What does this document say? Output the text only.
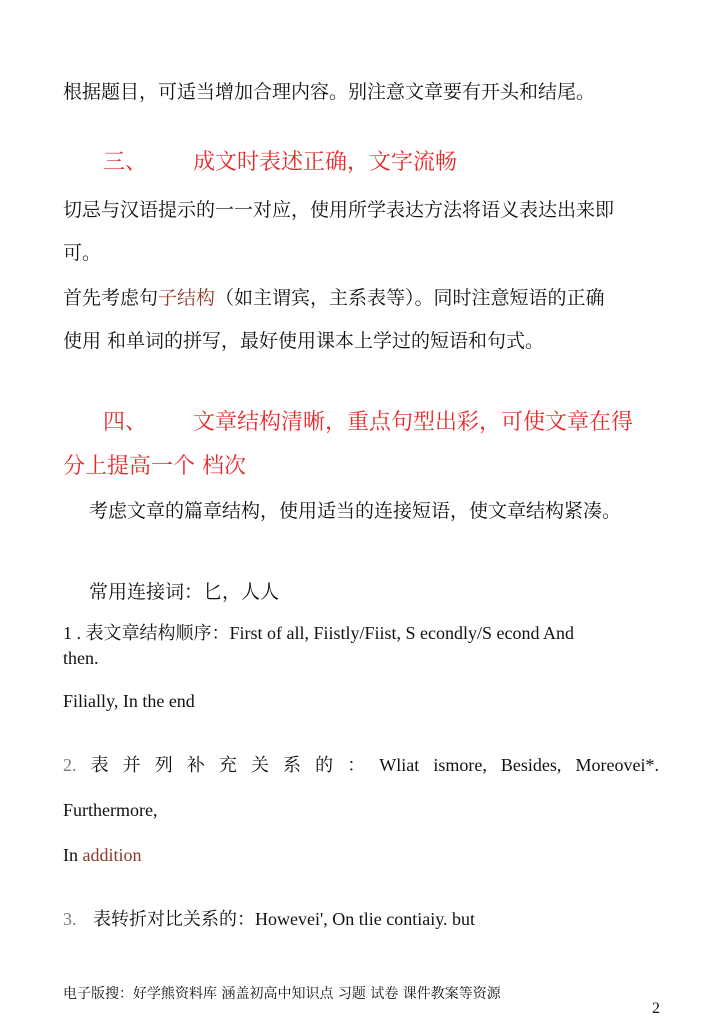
根据题目，可适当增加合理内容。别注意文章要有开头和结尾。
三、 成文时表述正确，文字流畅
切忌与汉语提示的一一对应，使用所学表达方法将语义表达出来即
可。
首先考虑句子结构（如主谓宾，主系表等）。同时注意短语的正确
使用 和单词的拼写，最好使用课本上学过的短语和句式。
四、 文章结构清晰，重点句型出彩，可使文章在得
分上提高一个 档次
考虑文章的篇章结构，使用适当的连接短语，使文章结构紧凑。
常用连接词：匕，人人
1 . 表文章结构顺序：First of all, Fiistly/Fiist, S econdly/S econd And
then.
Filially, In the end
2. 表 并 列 补 充 关 系 的 ： Wliat ismore, Besides, Moreovei*.
Furthermore,
In addition
3. 表转折对比关系的：Howevei', On tlie contiaiy. but
电子版搜：好学熊资料库 涵盖初高中知识点 习题 试卷 课件教案等资源
2
